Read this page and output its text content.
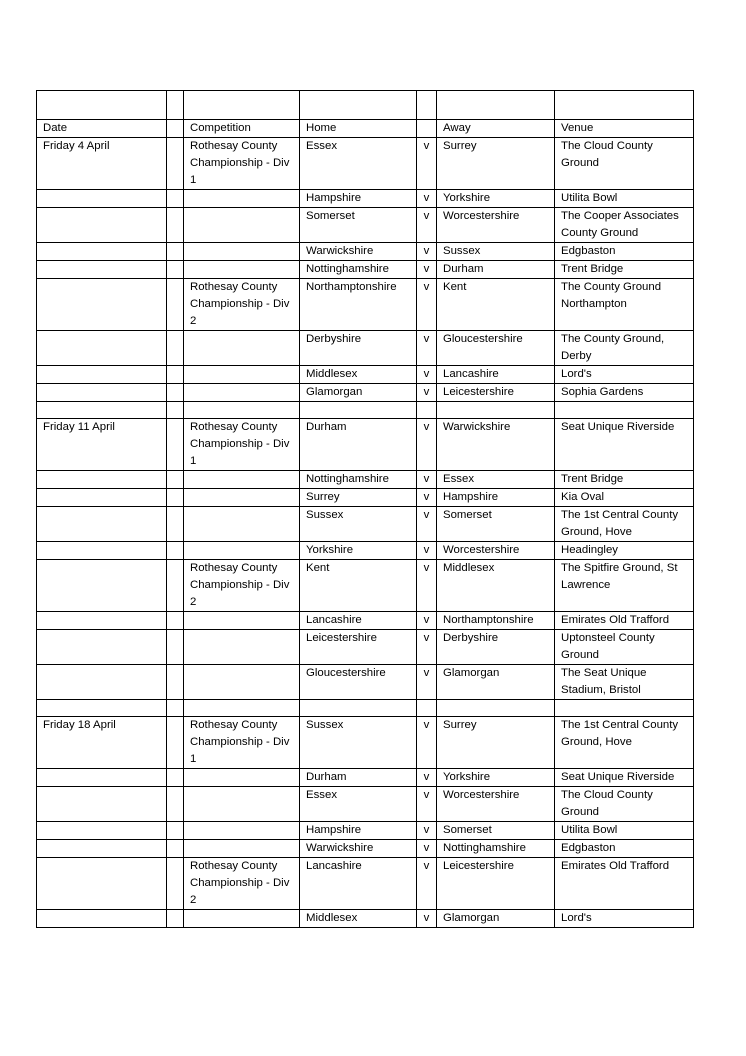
Date		Competition	Home		Away	Venue
Friday 4 April		Rothesay County Championship - Div 1	Essex	v	Surrey	The Cloud County Ground
			Hampshire	v	Yorkshire	Utilita Bowl
			Somerset	v	Worcestershire	The Cooper Associates County Ground
			Warwickshire	v	Sussex	Edgbaston
			Nottinghamshire	v	Durham	Trent Bridge
		Rothesay County Championship - Div 2	Northamptonshire	v	Kent	The County Ground Northampton
			Derbyshire	v	Gloucestershire	The County Ground, Derby
			Middlesex	v	Lancashire	Lord's
			Glamorgan	v	Leicestershire	Sophia Gardens

Friday 11 April		Rothesay County Championship - Div 1	Durham	v	Warwickshire	Seat Unique Riverside
			Nottinghamshire	v	Essex	Trent Bridge
			Surrey	v	Hampshire	Kia Oval
			Sussex	v	Somerset	The 1st Central County Ground, Hove
			Yorkshire	v	Worcestershire	Headingley
		Rothesay County Championship - Div 2	Kent	v	Middlesex	The Spitfire Ground, St Lawrence
			Lancashire	v	Northamptonshire	Emirates Old Trafford
			Leicestershire	v	Derbyshire	Uptonsteel County Ground
			Gloucestershire	v	Glamorgan	The Seat Unique Stadium, Bristol

Friday 18 April		Rothesay County Championship - Div 1	Sussex	v	Surrey	The 1st Central County Ground, Hove
			Durham	v	Yorkshire	Seat Unique Riverside
			Essex	v	Worcestershire	The Cloud County Ground
			Hampshire	v	Somerset	Utilita Bowl
			Warwickshire	v	Nottinghamshire	Edgbaston
		Rothesay County Championship - Div 2	Lancashire	v	Leicestershire	Emirates Old Trafford
			Middlesex	v	Glamorgan	Lord's
